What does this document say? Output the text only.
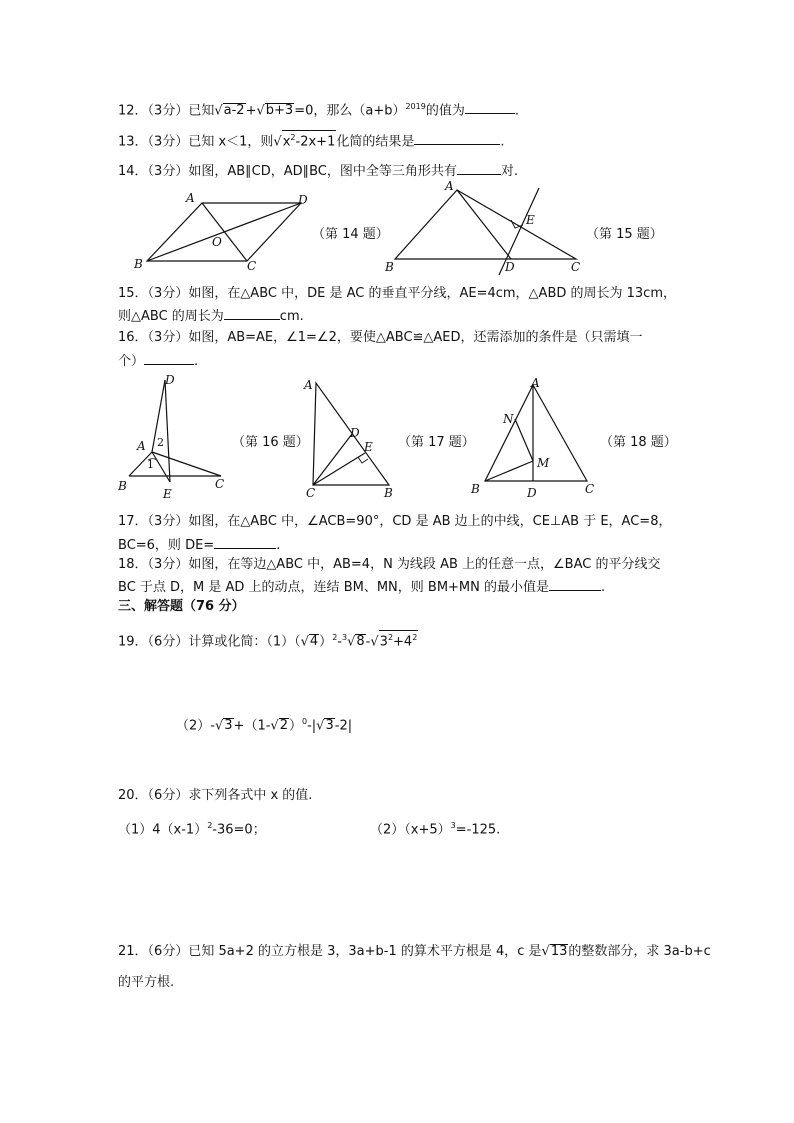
12．（3分）已知√a-2+√b+3=0，那么$(a+b)^{2019}$的值为	.
13．（3分）已知 x＜1，则$√x^2-2x+1$化简的结果是	.
14．（3分）如图，AB∥CD，AD∥BC，图中全等三角形共有	对.
A	D
B	C
O	（第 14 题）
A
E
B	D	C
（第 15 题）
15．（3分）如图，在△ABC 中，DE 是 AC 的垂直平分线，AE=4cm，△ABD 的周长为 13cm，
则△ABC 的周长为	cm.
16．（3分）如图，AB=AE，∠1=∠2，要使△ABC≌△AED，还需添加的条件是（只需填一
个）	.
D
A 2
1
B
E
C
（第 16 题）
A
D
E
C	B
（第 17 题）
A
N
M
B	D	C
（第 18 题）
17．（3分）如图，在△ABC 中，∠ACB=90°，CD 是 AB 边上的中线，CE⊥AB 于 E，AC=8，
BC=6，则 DE=	.
18．（3分）如图，在等边△ABC 中，AB=4，N 为线段 AB 上的任意一点，∠BAC 的平分线交
BC 于点 D，M 是 AD 上的动点，连结 BM、MN，则 BM+MN 的最小值是	.
三、解答题（76 分）
19．（6分）计算或化简：$(1)(√4)^2-^3√8-√3^2+4^2$
$(2)-√3+(1-√2)^0-|√3-2|$
20．（6分）求下列各式中 x 的值.
$(1)4(x-1)^2-36=0$；	$(2)(x+5)^3=-125$.
21．（6分）已知 5a+2 的立方根是 3，3a+b-1 的算术平方根是 4，c 是√13的整数部分，求 3a-b+c
的平方根.
